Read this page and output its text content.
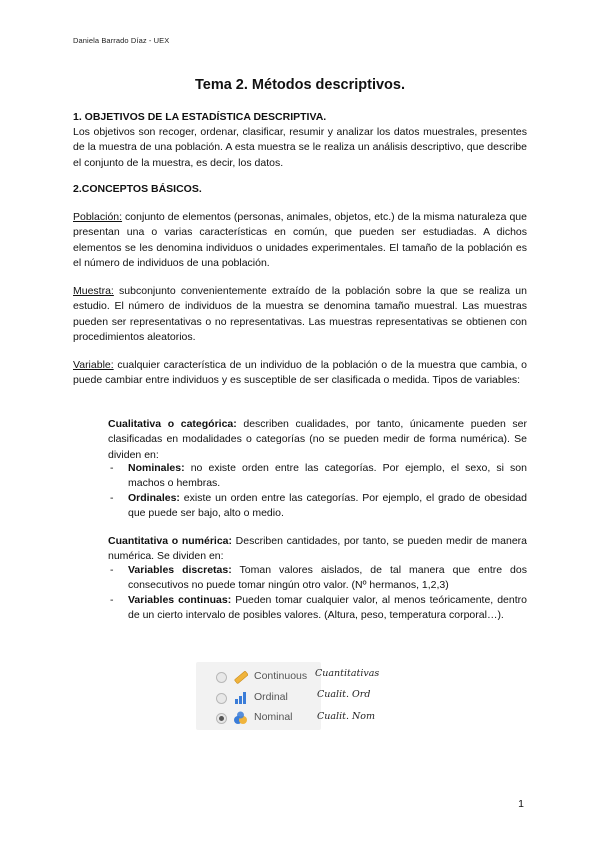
Daniela Barrado Díaz - UEX
Tema 2. Métodos descriptivos.
1. OBJETIVOS DE LA ESTADÍSTICA DESCRIPTIVA.
Los objetivos son recoger, ordenar, clasificar, resumir y analizar los datos muestrales, presentes de la muestra de una población. A esta muestra se le realiza un análisis descriptivo, que describe el conjunto de la muestra, es decir, los datos.
2.CONCEPTOS BÁSICOS.
Población: conjunto de elementos (personas, animales, objetos, etc.) de la misma naturaleza que presentan una o varias características en común, que pueden ser estudiadas. A dichos elementos se les denomina individuos o unidades experimentales. El tamaño de la población es el número de individuos de una población.
Muestra: subconjunto convenientemente extraído de la población sobre la que se realiza un estudio. El número de individuos de la muestra se denomina tamaño muestral. Las muestras pueden ser representativas o no representativas. Las muestras representativas se obtienen con procedimientos aleatorios.
Variable: cualquier característica de un individuo de la población o de la muestra que cambia, o puede cambiar entre individuos y es susceptible de ser clasificada o medida. Tipos de variables:
Cualitativa o categórica: describen cualidades, por tanto, únicamente pueden ser clasificadas en modalidades o categorías (no se pueden medir de forma numérica). Se dividen en:
- Nominales: no existe orden entre las categorías. Por ejemplo, el sexo, si son machos o hembras.
- Ordinales: existe un orden entre las categorías. Por ejemplo, el grado de obesidad que puede ser bajo, alto o medio.
Cuantitativa o numérica: Describen cantidades, por tanto, se pueden medir de manera numérica. Se dividen en:
- Variables discretas: Toman valores aislados, de tal manera que entre dos consecutivos no puede tomar ningún otro valor. (Nº hermanos, 1,2,3)
- Variables continuas: Pueden tomar cualquier valor, al menos teóricamente, dentro de un cierto intervalo de posibles valores. (Altura, peso, temperatura corporal…).
Continuous
Ordinal
Nominal
Cuantitativas
Cualit. Ord
Cualit. Nom
1
